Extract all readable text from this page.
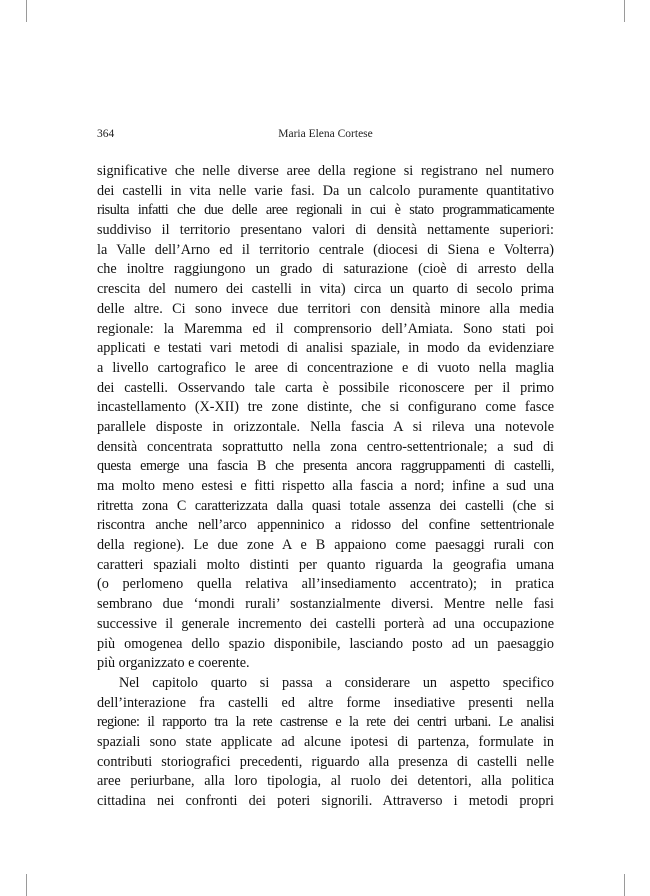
364	Maria Elena Cortese
significative che nelle diverse aree della regione si registrano nel numero
dei castelli in vita nelle varie fasi. Da un calcolo puramente quantitativo
risulta infatti che due delle aree regionali in cui è stato programmaticamente
suddiviso il territorio presentano valori di densità nettamente superiori:
la Valle dell’Arno ed il territorio centrale (diocesi di Siena e Volterra)
che inoltre raggiungono un grado di saturazione (cioè di arresto della
crescita del numero dei castelli in vita) circa un quarto di secolo prima
delle altre. Ci sono invece due territori con densità minore alla media
regionale: la Maremma ed il comprensorio dell’Amiata. Sono stati poi
applicati e testati vari metodi di analisi spaziale, in modo da evidenziare
a livello cartografico le aree di concentrazione e di vuoto nella maglia
dei castelli. Osservando tale carta è possibile riconoscere per il primo
incastellamento (X-XII) tre zone distinte, che si configurano come fasce
parallele disposte in orizzontale. Nella fascia A si rileva una notevole
densità concentrata soprattutto nella zona centro-settentrionale; a sud di
questa emerge una fascia B che presenta ancora raggruppamenti di castelli,
ma molto meno estesi e fitti rispetto alla fascia a nord; infine a sud una
ritretta zona C caratterizzata dalla quasi totale assenza dei castelli (che si
riscontra anche nell’arco appenninico a ridosso del confine settentrionale
della regione). Le due zone A e B appaiono come paesaggi rurali con
caratteri spaziali molto distinti per quanto riguarda la geografia umana
(o perlomeno quella relativa all’insediamento accentrato); in pratica
sembrano due ‘mondi rurali’ sostanzialmente diversi. Mentre nelle fasi
successive il generale incremento dei castelli porterà ad una occupazione
più omogenea dello spazio disponibile, lasciando posto ad un paesaggio
più organizzato e coerente.
Nel capitolo quarto si passa a considerare un aspetto specifico
dell’interazione fra castelli ed altre forme insediative presenti nella
regione: il rapporto tra la rete castrense e la rete dei centri urbani. Le analisi
spaziali sono state applicate ad alcune ipotesi di partenza, formulate in
contributi storiografici precedenti, riguardo alla presenza di castelli nelle
aree periurbane, alla loro tipologia, al ruolo dei detentori, alla politica
cittadina nei confronti dei poteri signorili. Attraverso i metodi propri
